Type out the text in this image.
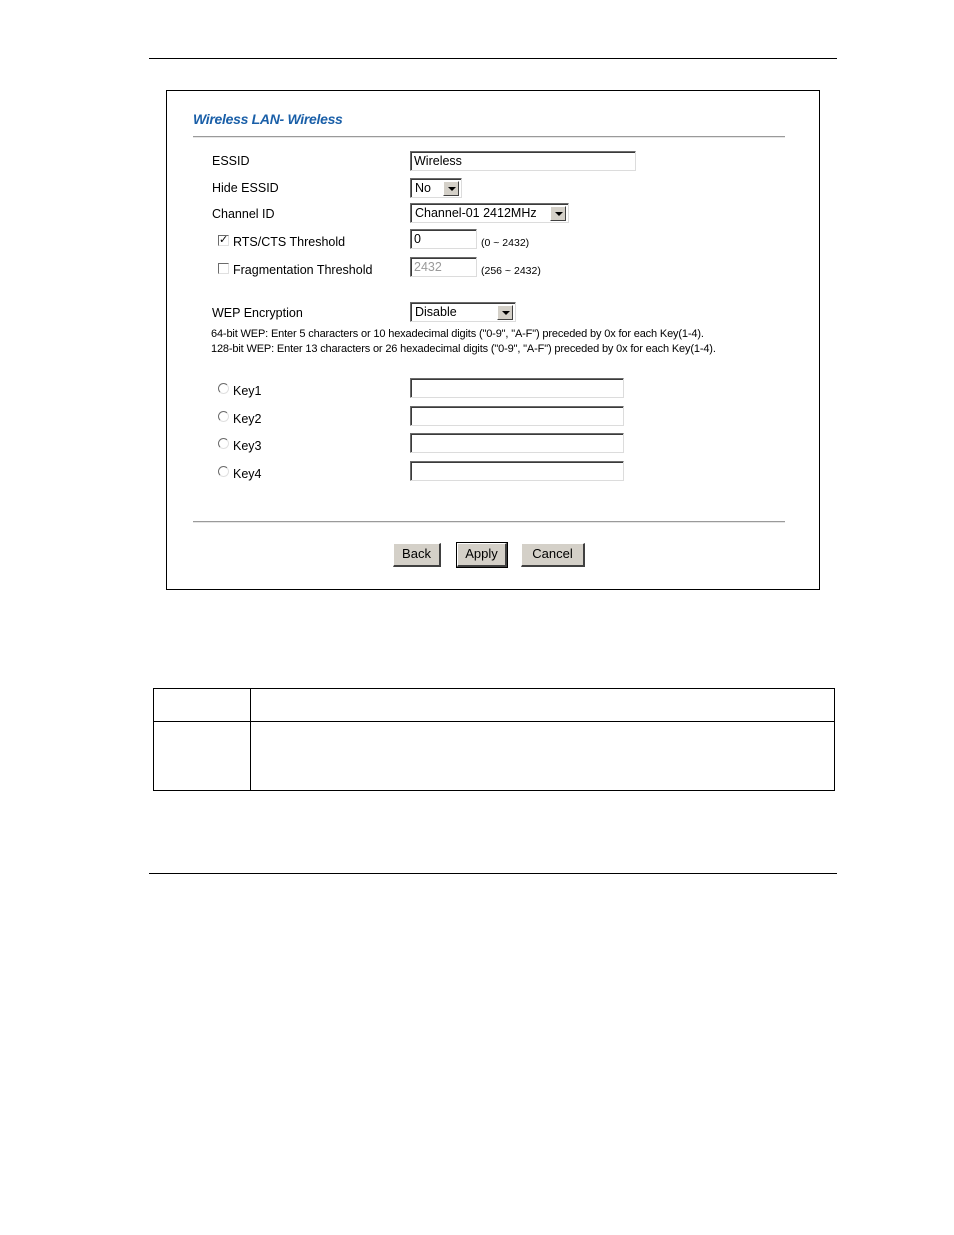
Wireless LAN- Wireless
ESSID	Wireless
Hide ESSID	No
Channel ID	Channel-01 2412MHz
✓ RTS/CTS Threshold	0	(0 ~ 2432)
Fragmentation Threshold	2432	(256 ~ 2432)
WEP Encryption	Disable
64-bit WEP: Enter 5 characters or 10 hexadecimal digits ("0-9", "A-F") preceded by 0x for each Key(1-4).
128-bit WEP: Enter 13 characters or 26 hexadecimal digits ("0-9", "A-F") preceded by 0x for each Key(1-4).
Key1
Key2
Key3
Key4
Back	Apply	Cancel
